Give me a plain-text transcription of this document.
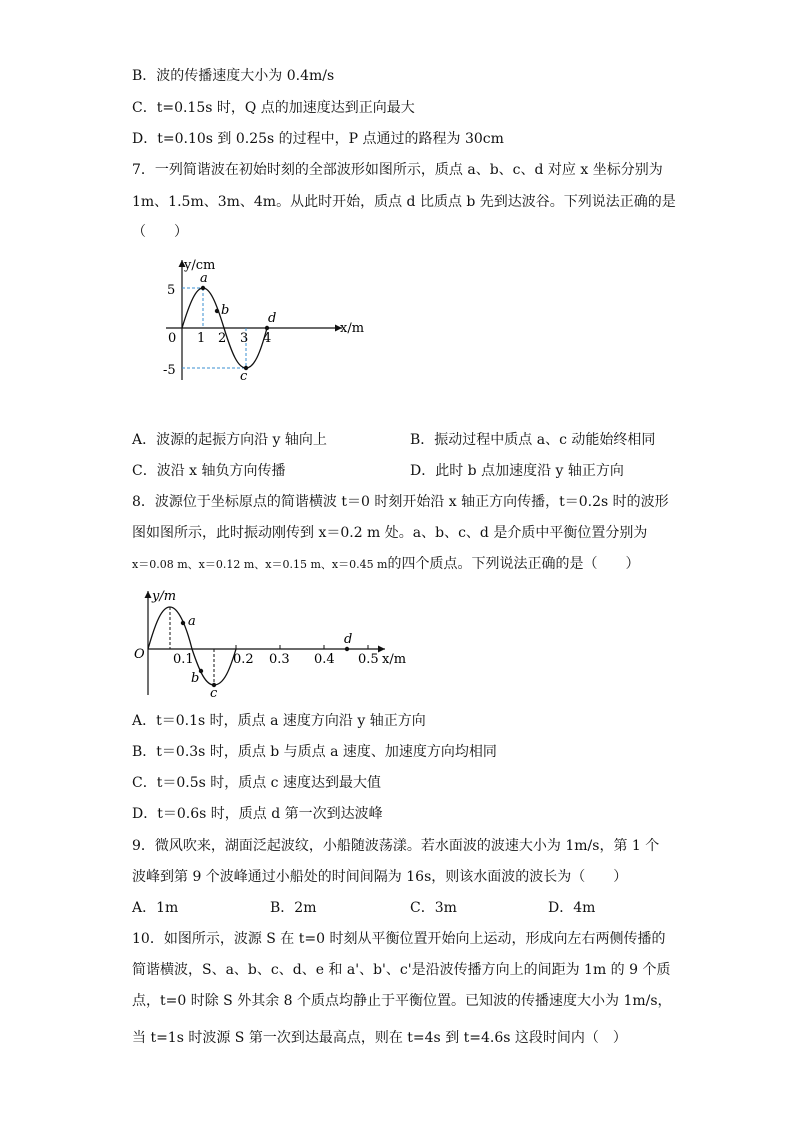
B．波的传播速度大小为 0.4m/s
C．t=0.15s 时，Q 点的加速度达到正向最大
D．t=0.10s 到 0.25s 的过程中，P 点通过的路程为 30cm
7．一列简谐波在初始时刻的全部波形如图所示，质点 a、b、c、d 对应 x 坐标分别为
1m、1.5m、3m、4m。从此时开始，质点 d 比质点 b 先到达波谷。下列说法正确的是
（　　）
y/cm
x/m
5
-5
0 1 2 3 4
a
b
c
d
A．波源的起振方向沿 y 轴向上	B．振动过程中质点 a、c 动能始终相同
C．波沿 x 轴负方向传播	D．此时 b 点加速度沿 y 轴正方向
8．波源位于坐标原点的简谐横波 t＝0 时刻开始沿 x 轴正方向传播，t＝0.2s 时的波形
图如图所示，此时振动刚传到 x＝0.2 m 处。a、b、c、d 是介质中平衡位置分别为
x＝0.08 m、x＝0.12 m、x＝0.15 m、x＝0.45 m的四个质点。下列说法正确的是（　　）
y/m
O	x/m
0.1	0.2 0.3 0.4 0.5
a
b
c
d
A．t＝0.1s 时，质点 a 速度方向沿 y 轴正方向
B．t＝0.3s 时，质点 b 与质点 a 速度、加速度方向均相同
C．t＝0.5s 时，质点 c 速度达到最大值
D．t＝0.6s 时，质点 d 第一次到达波峰
9．微风吹来，湖面泛起波纹，小船随波荡漾。若水面波的波速大小为 1m/s，第 1 个
波峰到第 9 个波峰通过小船处的时间间隔为 16s，则该水面波的波长为（　　）
A．1m	B．2m	C．3m	D．4m
10．如图所示，波源 S 在 t=0 时刻从平衡位置开始向上运动，形成向左右两侧传播的
简谐横波，S、a、b、c、d、e 和 a'、b'、c'是沿波传播方向上的间距为 1m 的 9 个质
点，t=0 时除 S 外其余 8 个质点均静止于平衡位置。已知波的传播速度大小为 1m/s，
当 t=1s 时波源 S 第一次到达最高点，则在 t=4s 到 t=4.6s 这段时间内（　）
